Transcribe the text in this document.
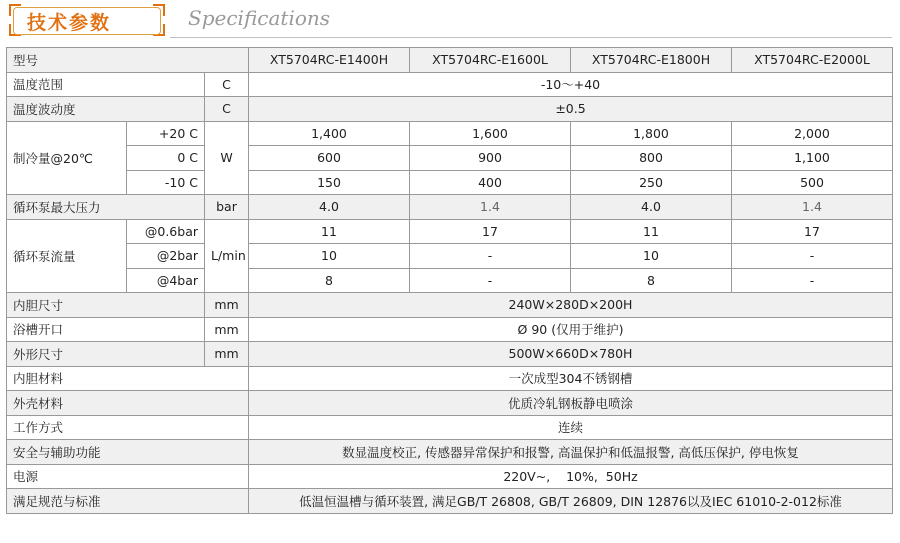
技术参数	Specifications
型号			XT5704RC-E1400H	XT5704RC-E1600L	XT5704RC-E1800H	XT5704RC-E2000L
温度范围		C	-10～+40			
温度波动度		C	±0.5			
制冷量@20℃	+20 C	W	1,400	1,600	1,800	2,000
	0 C		600	900	800	1,100
	-10 C		150	400	250	500
循环泵最大压力		bar	4.0	1.4	4.0	1.4
循环泵流量	@0.6bar	L/min	11	17	11	17
	@2bar		10	-	10	-
	@4bar		8	-	8	-
内胆尺寸		mm	240W×280D×200H			
浴槽开口		mm	Ø 90 (仅用于维护)			
外形尺寸		mm	500W×660D×780H			
内胆材料			一次成型304不锈钢槽			
外壳材料			优质冷轧钢板静电喷涂			
工作方式			连续			
安全与辅助功能			数显温度校正, 传感器异常保护和报警, 高温保护和低温报警, 高低压保护, 停电恢复			
电源			220V~,    10%,  50Hz			
满足规范与标准			低温恒温槽与循环装置, 满足GB/T 26808, GB/T 26809, DIN 12876以及IEC 61010-2-012标准			
